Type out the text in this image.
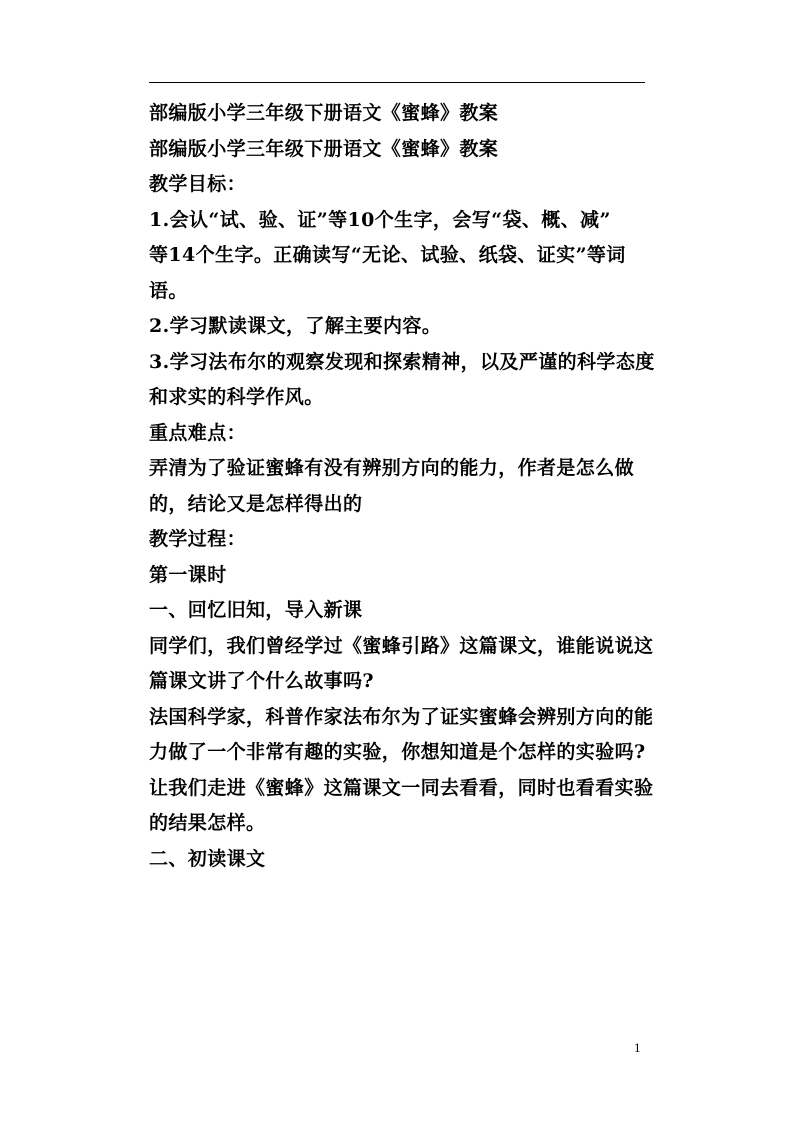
部编版小学三年级下册语文《蜜蜂》教案
部编版小学三年级下册语文《蜜蜂》教案
教学目标：
1.会认“试、验、证”等10个生字，会写“袋、概、减”
等14个生字。正确读写“无论、试验、纸袋、证实”等词
语。
2.学习默读课文，了解主要内容。
3.学习法布尔的观察发现和探索精神，以及严谨的科学态度
和求实的科学作风。
重点难点：
弄清为了验证蜜蜂有没有辨别方向的能力，作者是怎么做
的，结论又是怎样得出的
教学过程：
第一课时
一、回忆旧知，导入新课
同学们，我们曾经学过《蜜蜂引路》这篇课文，谁能说说这
篇课文讲了个什么故事吗?
法国科学家，科普作家法布尔为了证实蜜蜂会辨别方向的能
力做了一个非常有趣的实验，你想知道是个怎样的实验吗?
让我们走进《蜜蜂》这篇课文一同去看看，同时也看看实验
的结果怎样。
二、初读课文
1
